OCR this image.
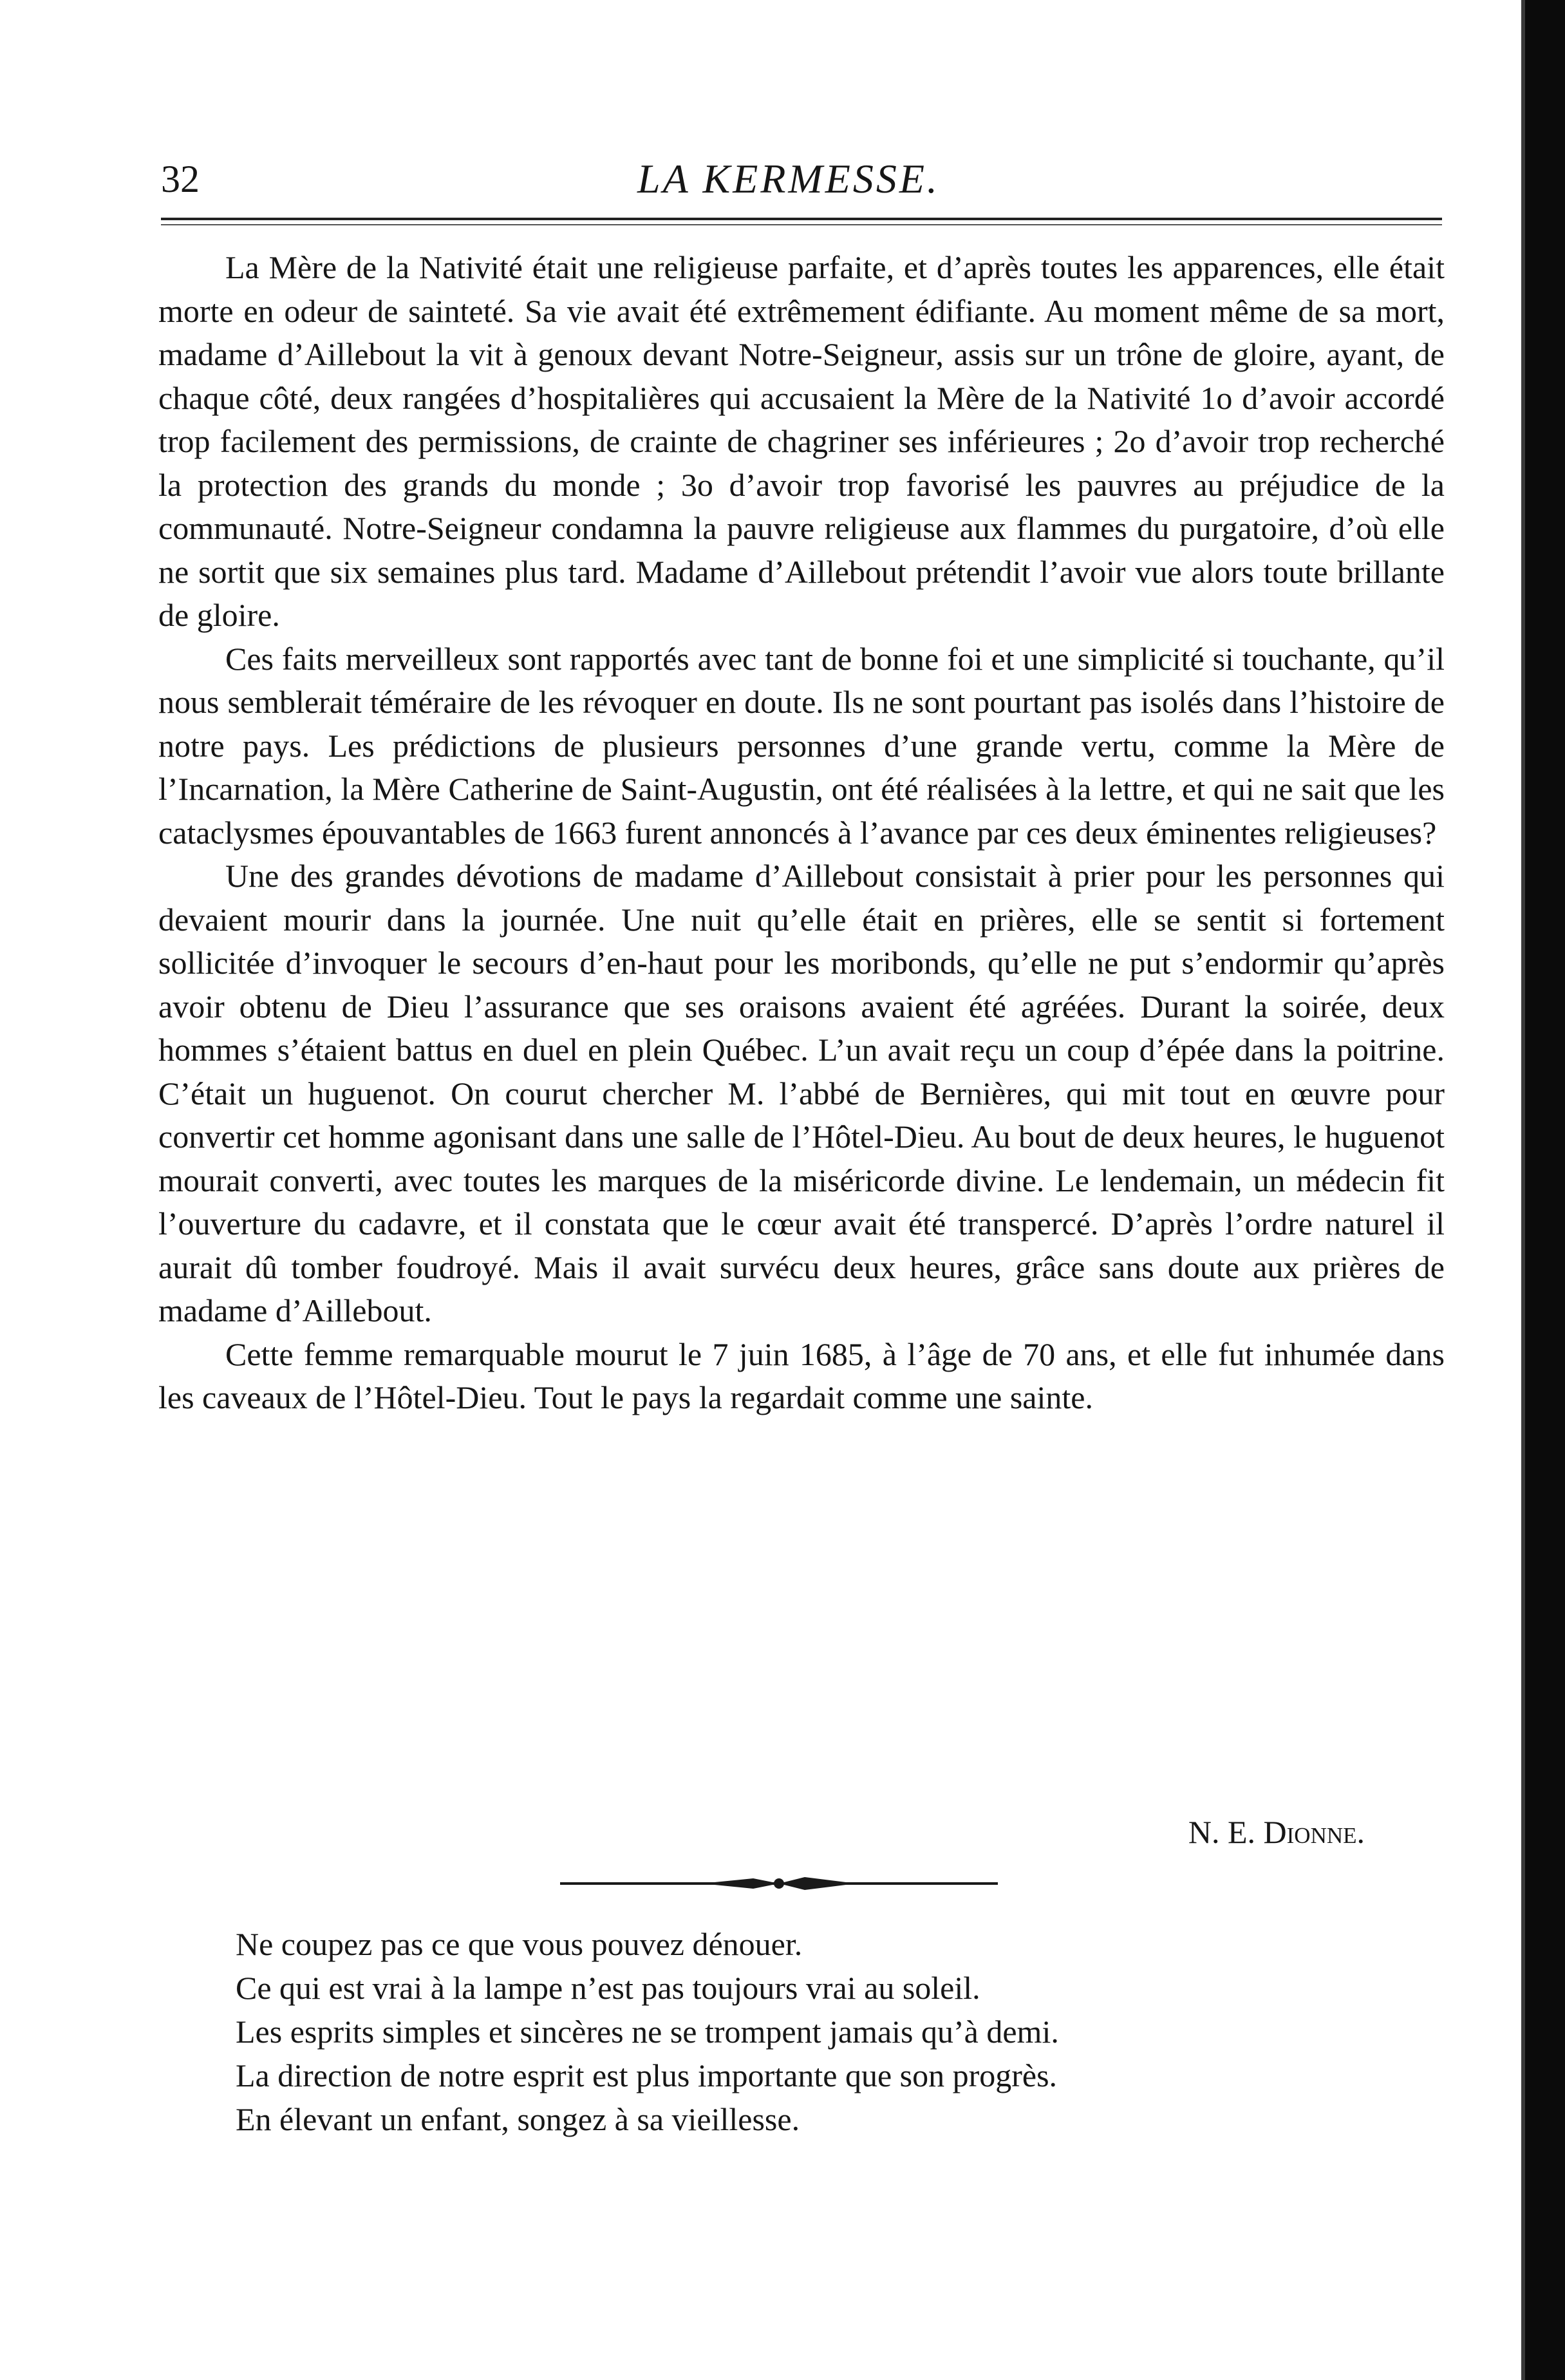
32	LA KERMESSE.

La Mère de la Nativité était une religieuse parfaite, et d’après toutes les apparences, elle était morte en odeur de sainteté. Sa vie avait été extrêmement édifiante. Au moment même de sa mort, madame d’Aillebout la vit à genoux devant Notre-Seigneur, assis sur un trône de gloire, ayant, de chaque côté, deux rangées d’hospitalières qui accusaient la Mère de la Nativité 1o d’avoir accordé trop facilement des permissions, de crainte de chagriner ses inférieures ; 2o d’avoir trop recherché la protection des grands du monde ; 3o d’avoir trop favorisé les pauvres au préjudice de la communauté. Notre-Seigneur condamna la pauvre religieuse aux flammes du purgatoire, d’où elle ne sortit que six semaines plus tard. Madame d’Aillebout prétendit l’avoir vue alors toute brillante de gloire.

Ces faits merveilleux sont rapportés avec tant de bonne foi et une simplicité si touchante, qu’il nous semblerait téméraire de les révoquer en doute. Ils ne sont pourtant pas isolés dans l’histoire de notre pays. Les prédictions de plusieurs personnes d’une grande vertu, comme la Mère de l’Incarnation, la Mère Catherine de Saint-Augustin, ont été réalisées à la lettre, et qui ne sait que les cataclysmes épouvantables de 1663 furent annoncés à l’avance par ces deux éminentes religieuses?

Une des grandes dévotions de madame d’Aillebout consistait à prier pour les personnes qui devaient mourir dans la journée. Une nuit qu’elle était en prières, elle se sentit si fortement sollicitée d’invoquer le secours d’en-haut pour les moribonds, qu’elle ne put s’endormir qu’après avoir obtenu de Dieu l’assurance que ses oraisons avaient été agréées. Durant la soirée, deux hommes s’étaient battus en duel en plein Québec. L’un avait reçu un coup d’épée dans la poitrine. C’était un huguenot. On courut chercher M. l’abbé de Bernières, qui mit tout en œuvre pour convertir cet homme agonisant dans une salle de l’Hôtel-Dieu. Au bout de deux heures, le huguenot mourait converti, avec toutes les marques de la miséricorde divine. Le lendemain, un médecin fit l’ouverture du cadavre, et il constata que le cœur avait été transpercé. D’après l’ordre naturel il aurait dû tomber foudroyé. Mais il avait survécu deux heures, grâce sans doute aux prières de madame d’Aillebout.

Cette femme remarquable mourut le 7 juin 1685, à l’âge de 70 ans, et elle fut inhumée dans les caveaux de l’Hôtel-Dieu. Tout le pays la regardait comme une sainte.

N. E. Dionne.

Ne coupez pas ce que vous pouvez dénouer.

Ce qui est vrai à la lampe n’est pas toujours vrai au soleil.

Les esprits simples et sincères ne se trompent jamais qu’à demi.

La direction de notre esprit est plus importante que son progrès.

En élevant un enfant, songez à sa vieillesse.
